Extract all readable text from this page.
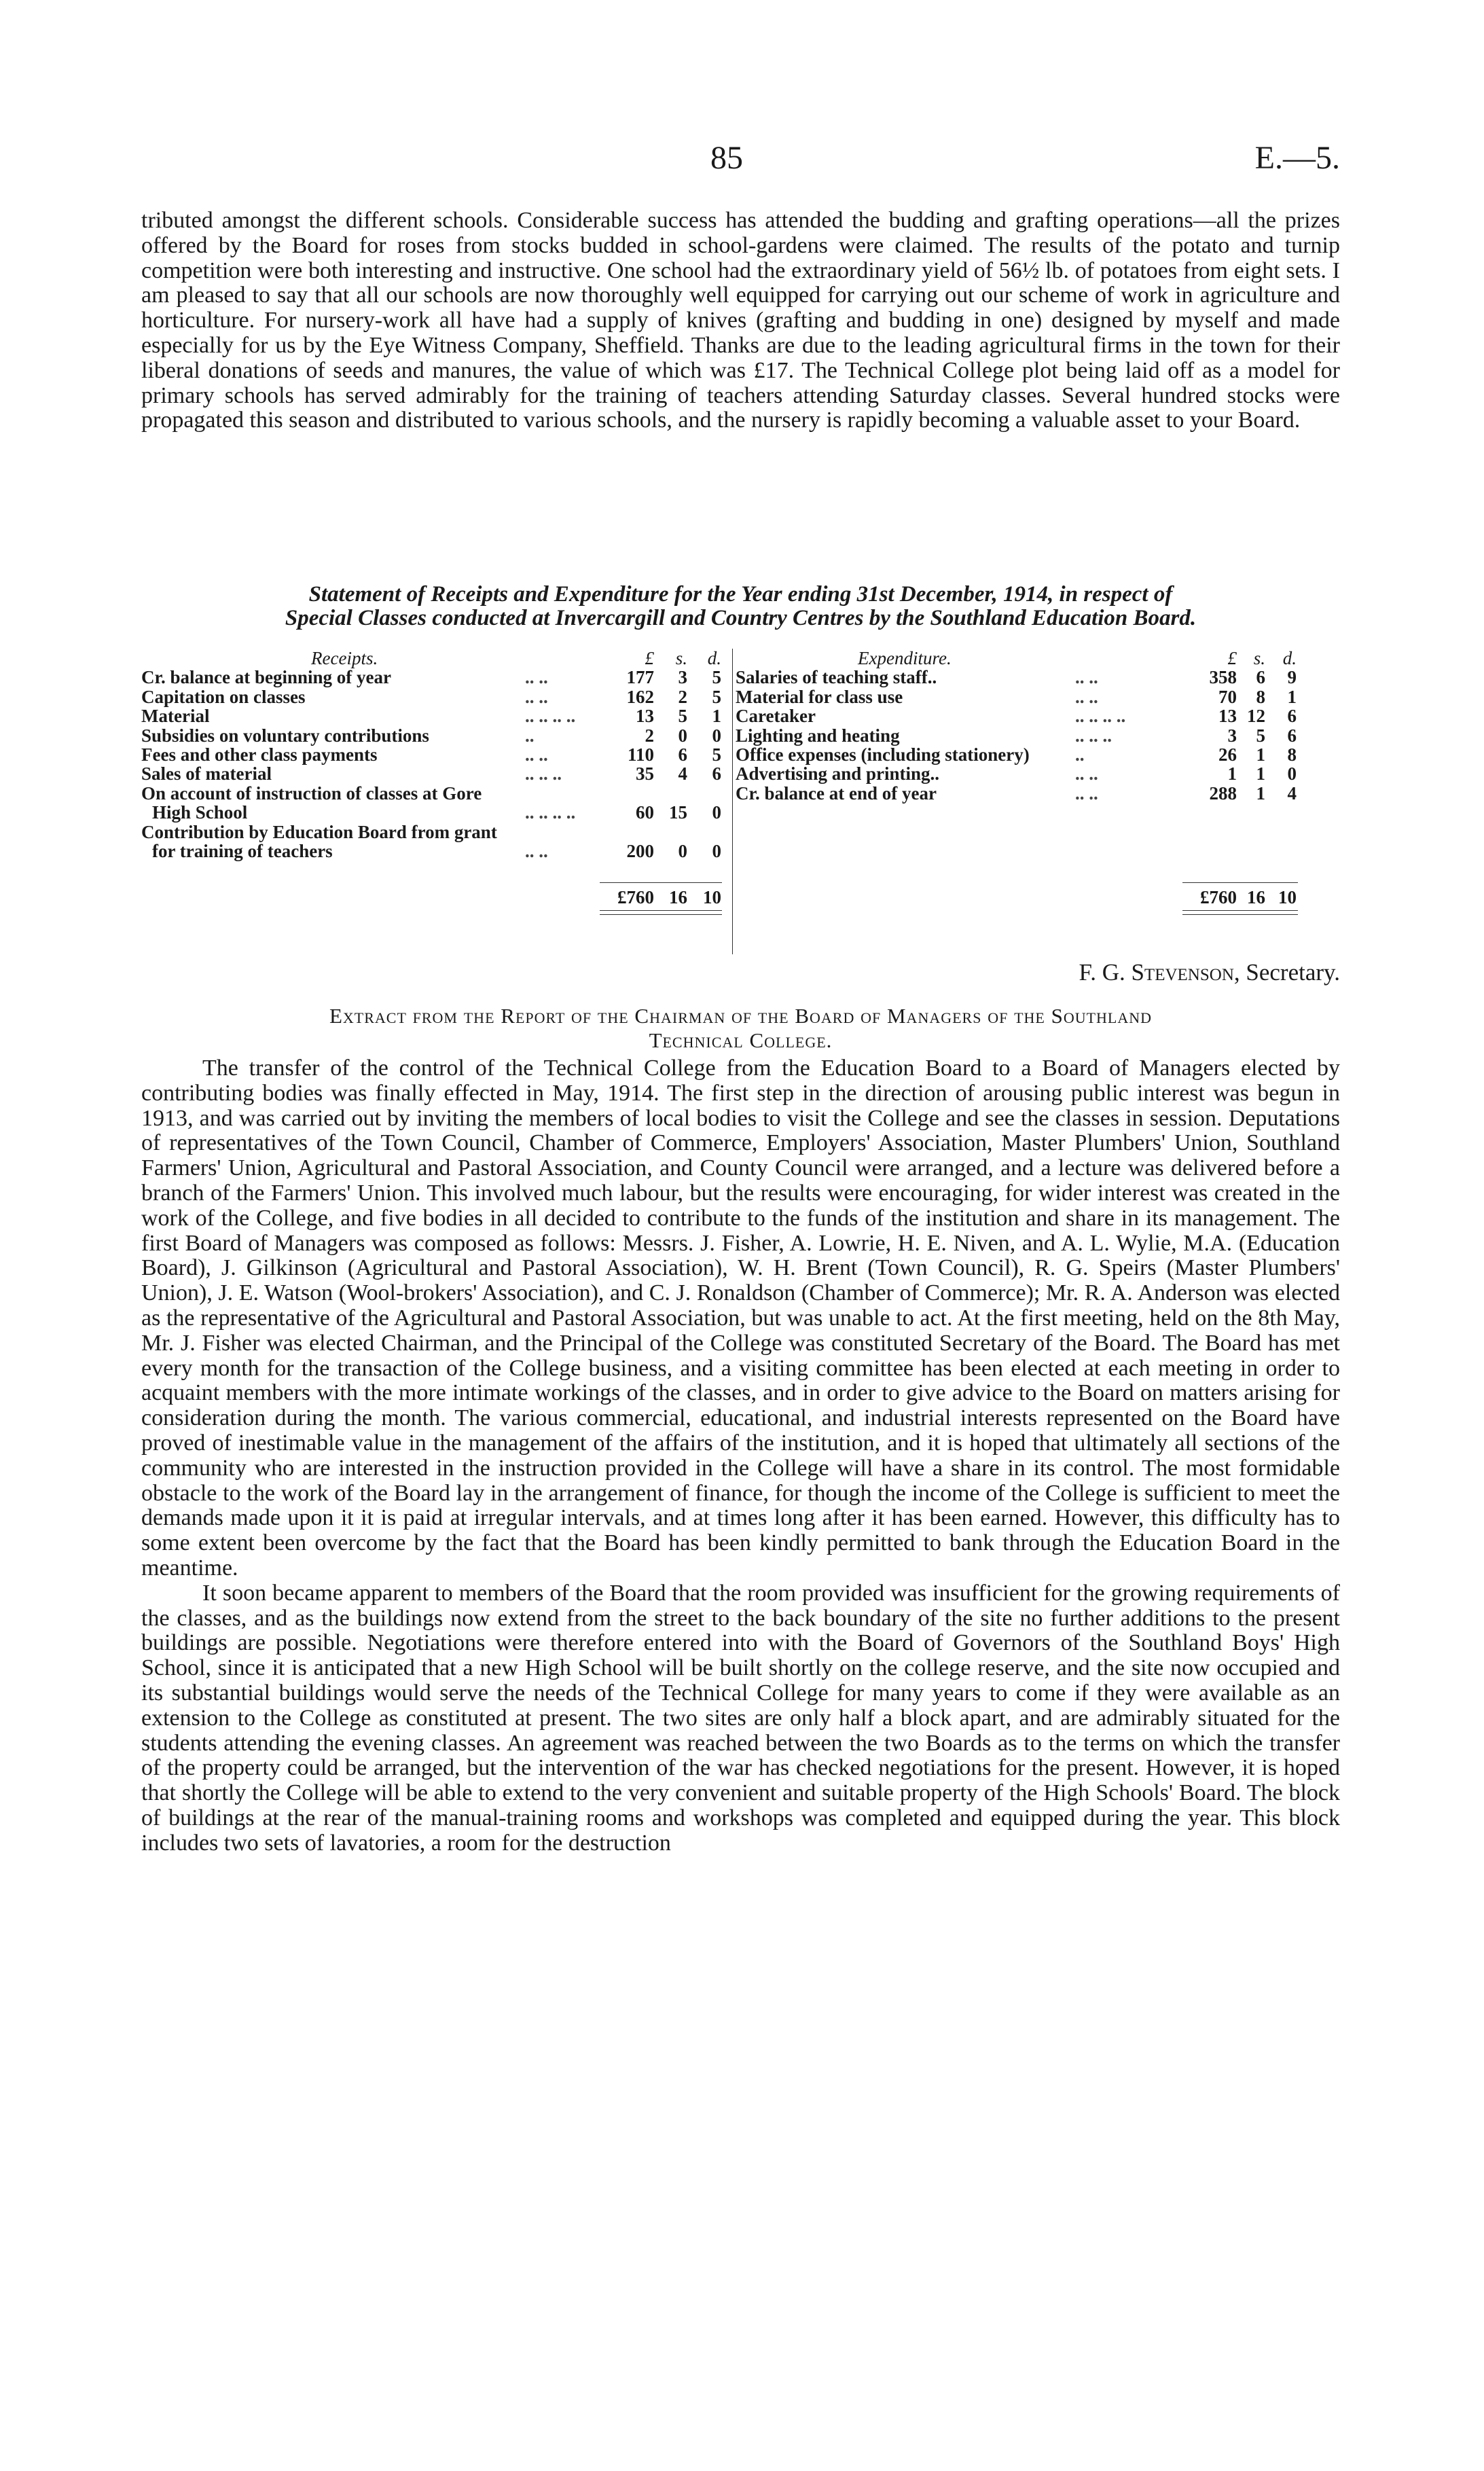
85	E.—5.

tributed amongst the different schools. Considerable success has attended the budding and grafting operations—all the prizes offered by the Board for roses from stocks budded in school-gardens were claimed. The results of the potato and turnip competition were both interesting and instructive. One school had the extraordinary yield of 56½ lb. of potatoes from eight sets. I am pleased to say that all our schools are now thoroughly well equipped for carrying out our scheme of work in agriculture and horticulture. For nursery-work all have had a supply of knives (grafting and budding in one) designed by myself and made especially for us by the Eye Witness Company, Sheffield. Thanks are due to the leading agricultural firms in the town for their liberal donations of seeds and manures, the value of which was £17. The Technical College plot being laid off as a model for primary schools has served admirably for the training of teachers attending Saturday classes. Several hundred stocks were propagated this season and distributed to various schools, and the nursery is rapidly becoming a valuable asset to your Board.

Statement of Receipts and Expenditure for the Year ending 31st December, 1914, in respect of
Special Classes conducted at Invercargill and Country Centres by the Southland Education Board.
Receipts.	£	s.	d.
Cr. balance at beginning of year	.. ..	177	3	5
Capitation on classes	.. ..	162	2	5
Material	.. .. .. ..	13	5	1
Subsidies on voluntary contributions	..	2	0	0
Fees and other class payments	.. ..	110	6	5
Sales of material	.. .. ..	35	4	6
On account of instruction of classes at Gore
High School	.. .. .. ..	60 15	0
Contribution by Education Board from grant
for training of teachers	.. ..	200	0	0
£760 16 10
Expenditure.	£ s. d.
Salaries of teaching staff..	.. ..	358	6	9
Material for class use	.. ..	70	8	1
Caretaker	.. .. .. ..	13 12	6
Lighting and heating	.. .. ..	3	5	6
Office expenses (including stationery) ..	26	1	8
Advertising and printing..	.. ..	1	1	0
Cr. balance at end of year	.. ..	288	1	4
£760 16 10
F. G. Stevenson, Secretary.
Extract from the Report of the Chairman of the Board of Managers of the Southland
Technical College.

The transfer of the control of the Technical College from the Education Board to a Board of Managers elected by contributing bodies was finally effected in May, 1914. The first step in the direction of arousing public interest was begun in 1913, and was carried out by inviting the members of local bodies to visit the College and see the classes in session. Deputations of representatives of the Town Council, Chamber of Commerce, Employers' Association, Master Plumbers' Union, Southland Farmers' Union, Agricultural and Pastoral Association, and County Council were arranged, and a lecture was delivered before a branch of the Farmers' Union. This involved much labour, but the results were encouraging, for wider interest was created in the work of the College, and five bodies in all decided to contribute to the funds of the institution and share in its management. The first Board of Managers was composed as follows: Messrs. J. Fisher, A. Lowrie, H. E. Niven, and A. L. Wylie, M.A. (Education Board), J. Gilkinson (Agricultural and Pastoral Association), W. H. Brent (Town Council), R. G. Speirs (Master Plumbers' Union), J. E. Watson (Wool-brokers' Association), and C. J. Ronaldson (Chamber of Commerce); Mr. R. A. Anderson was elected as the representative of the Agricultural and Pastoral Association, but was unable to act. At the first meeting, held on the 8th May, Mr. J. Fisher was elected Chairman, and the Principal of the College was constituted Secretary of the Board. The Board has met every month for the transaction of the College business, and a visiting committee has been elected at each meeting in order to acquaint members with the more intimate workings of the classes, and in order to give advice to the Board on matters arising for consideration during the month. The various commercial, educational, and industrial interests represented on the Board have proved of inestimable value in the management of the affairs of the institution, and it is hoped that ultimately all sections of the community who are interested in the instruction provided in the College will have a share in its control. The most formidable obstacle to the work of the Board lay in the arrangement of finance, for though the income of the College is sufficient to meet the demands made upon it it is paid at irregular intervals, and at times long after it has been earned. However, this difficulty has to some extent been overcome by the fact that the Board has been kindly permitted to bank through the Education Board in the meantime.

It soon became apparent to members of the Board that the room provided was insufficient for the growing requirements of the classes, and as the buildings now extend from the street to the back boundary of the site no further additions to the present buildings are possible. Negotiations were therefore entered into with the Board of Governors of the Southland Boys' High School, since it is anticipated that a new High School will be built shortly on the college reserve, and the site now occupied and its substantial buildings would serve the needs of the Technical College for many years to come if they were available as an extension to the College as constituted at present. The two sites are only half a block apart, and are admirably situated for the students attending the evening classes. An agreement was reached between the two Boards as to the terms on which the transfer of the property could be arranged, but the intervention of the war has checked negotiations for the present. However, it is hoped that shortly the College will be able to extend to the very convenient and suitable property of the High Schools' Board. The block of buildings at the rear of the manual-training rooms and workshops was completed and equipped during the year. This block includes two sets of lavatories, a room for the destruction
